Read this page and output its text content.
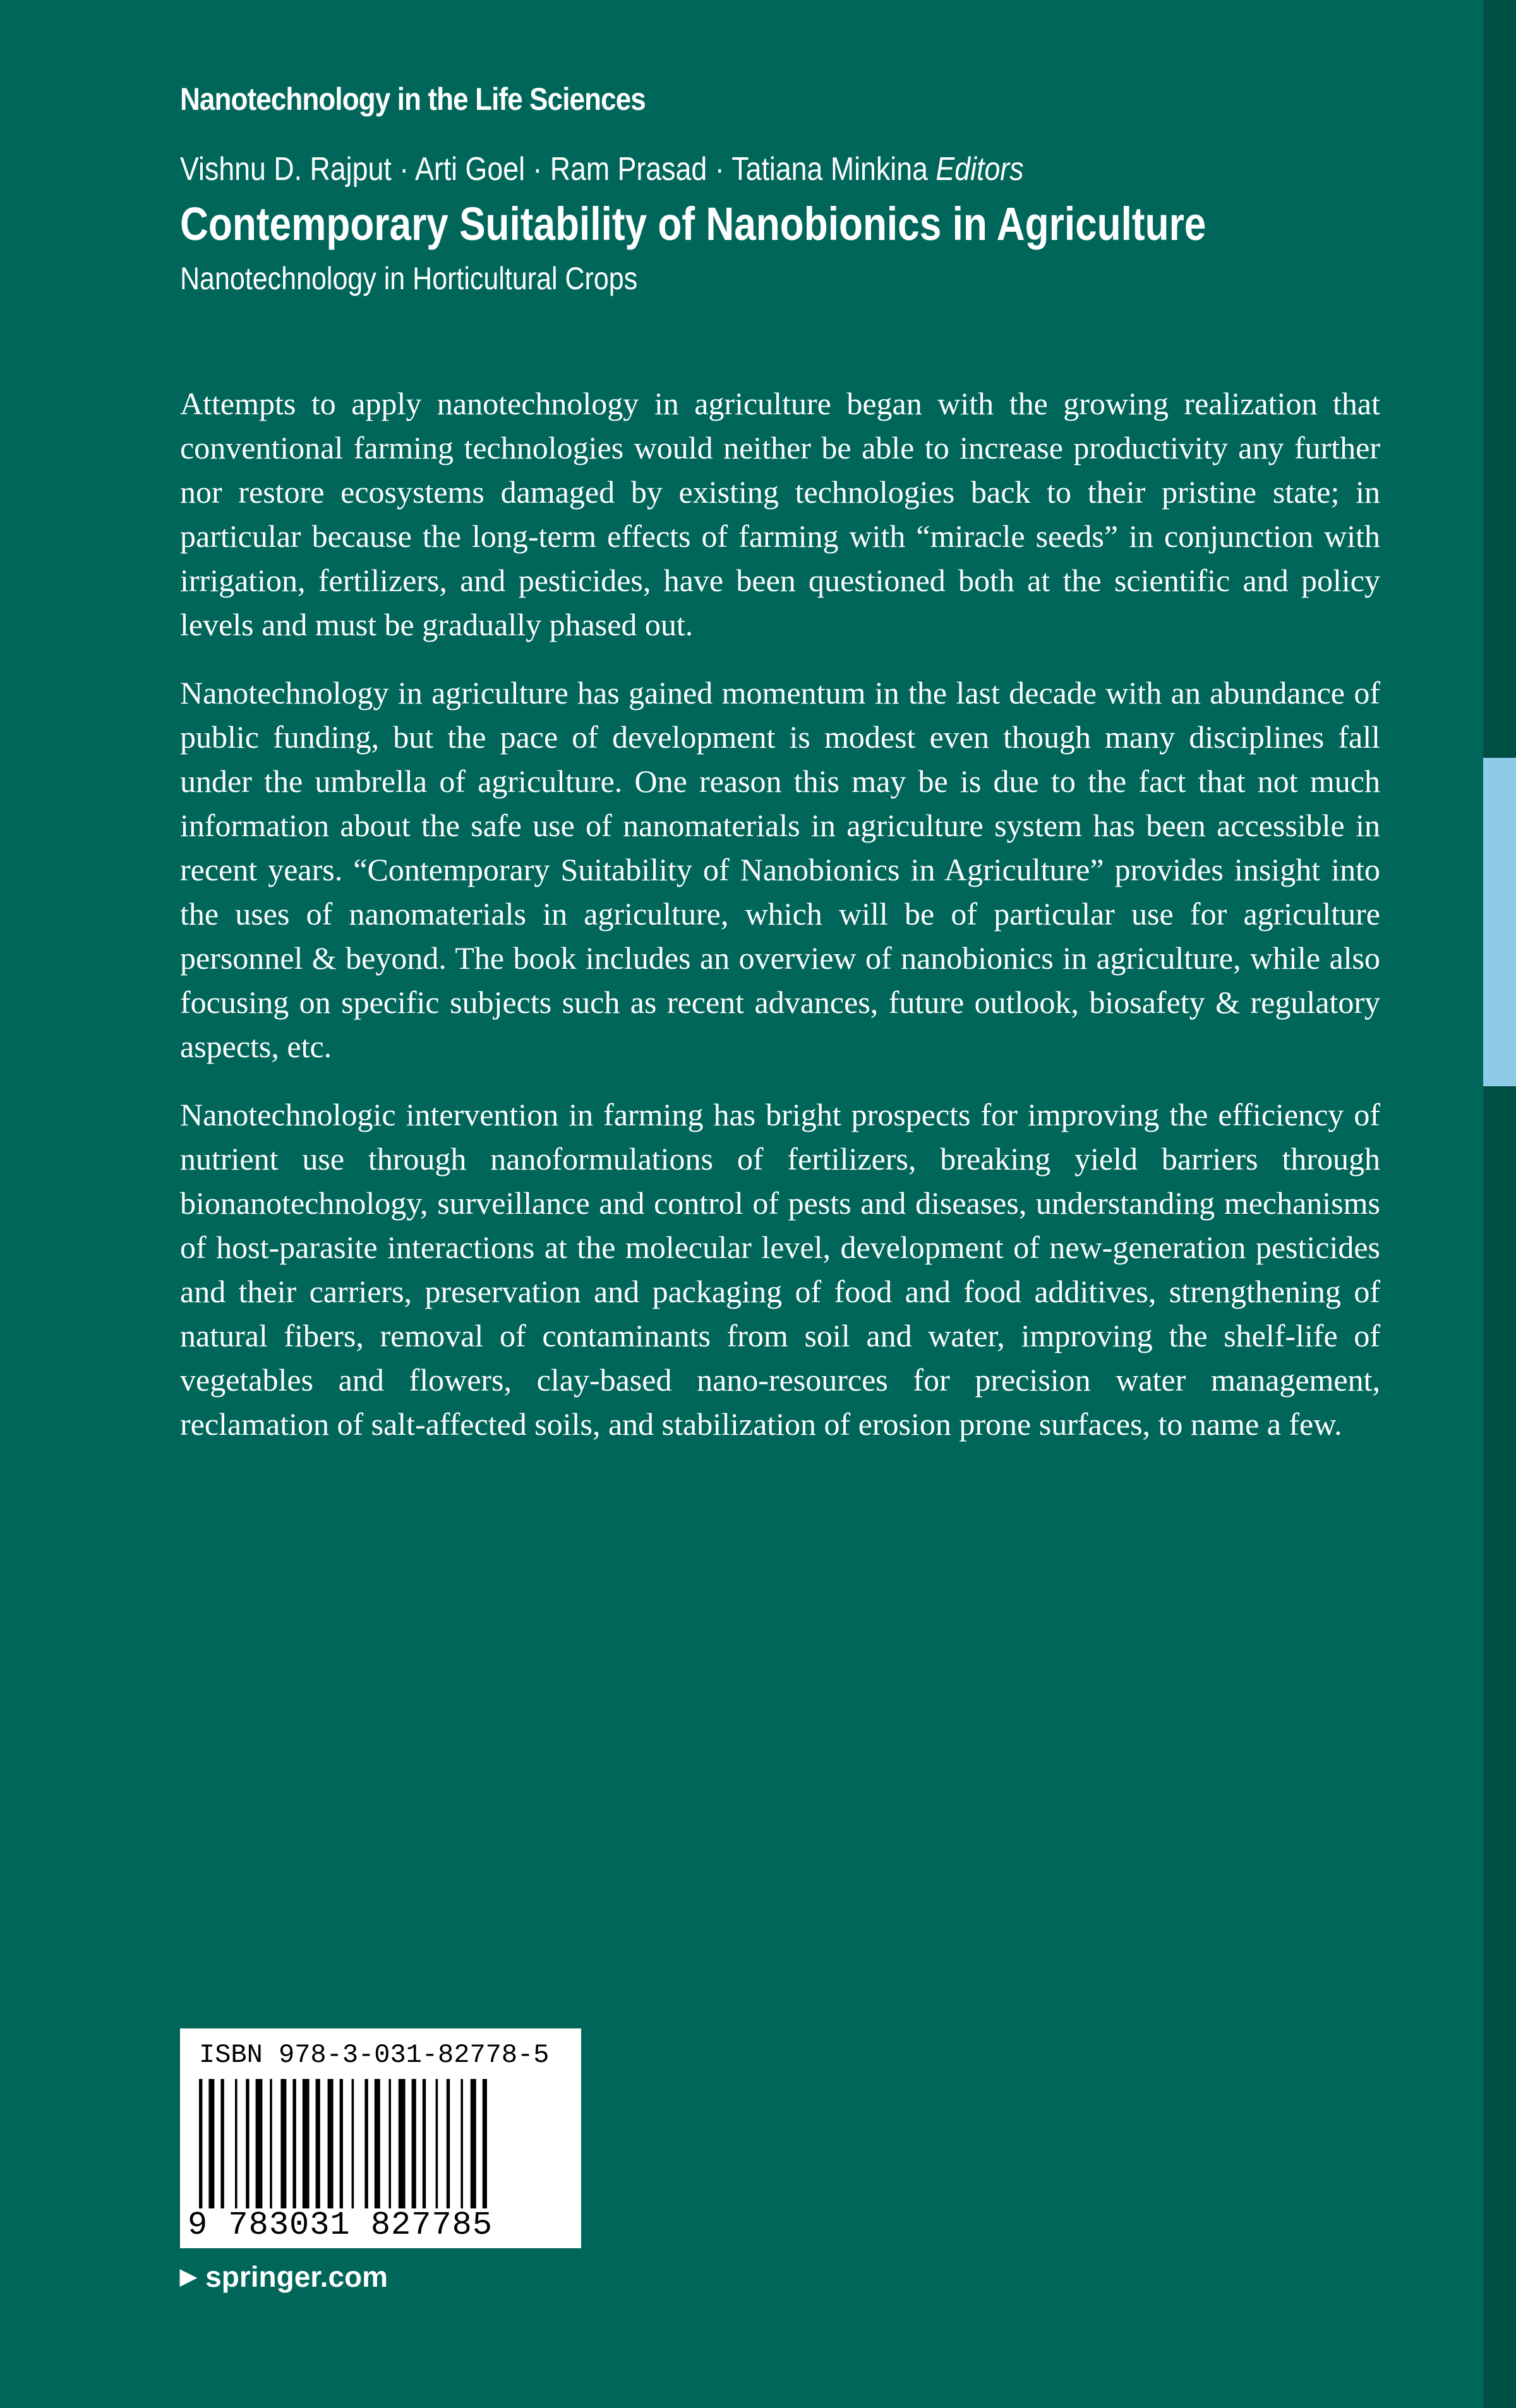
Nanotechnology in the Life Sciences
Vishnu D. Rajput · Arti Goel · Ram Prasad · Tatiana Minkina Editors
Contemporary Suitability of Nanobionics in Agriculture
Nanotechnology in Horticultural Crops

Attempts to apply nanotechnology in agriculture began with the growing realization that conventional farming technologies would neither be able to increase productivity any further nor restore ecosystems damaged by existing technologies back to their pristine state; in particular because the long-term effects of farming with “miracle seeds” in conjunction with irrigation, fertilizers, and pesticides, have been questioned both at the scientific and policy levels and must be gradually phased out.

Nanotechnology in agriculture has gained momentum in the last decade with an abundance of public funding, but the pace of development is modest even though many disciplines fall under the umbrella of agriculture. One reason this may be is due to the fact that not much information about the safe use of nanomaterials in agriculture system has been accessible in recent years. “Contemporary Suitability of Nanobionics in Agriculture” provides insight into the uses of nanomaterials in agriculture, which will be of particular use for agriculture personnel & beyond. The book includes an overview of nanobionics in agriculture, while also focusing on specific subjects such as recent advances, future outlook, biosafety & regulatory aspects, etc.

Nanotechnologic intervention in farming has bright prospects for improving the efficiency of nutrient use through nanoformulations of fertilizers, breaking yield barriers through bionanotechnology, surveillance and control of pests and diseases, understanding mechanisms of host-parasite interactions at the molecular level, development of new-generation pesticides and their carriers, preservation and packaging of food and food additives, strengthening of natural fibers, removal of contaminants from soil and water, improving the shelf-life of vegetables and flowers, clay-based nano-resources for precision water management, reclamation of salt-affected soils, and stabilization of erosion prone surfaces, to name a few.

ISBN 978-3-031-82778-5
9 783031 827785
▶ springer.com
